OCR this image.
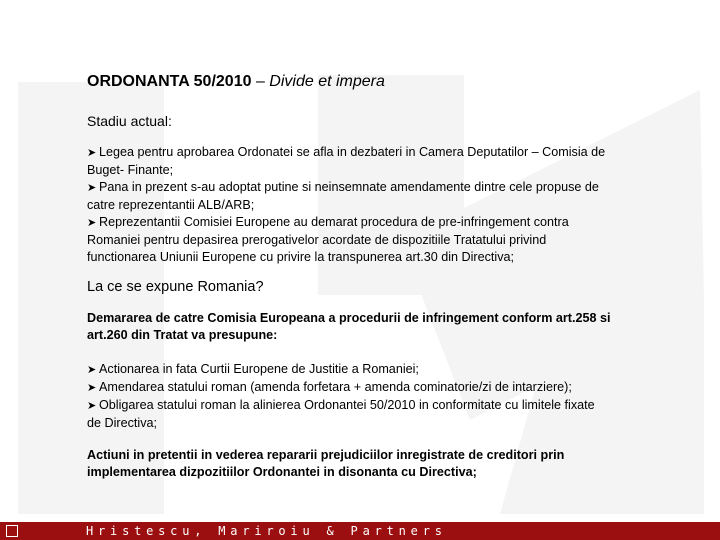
ORDONANTA 50/2010 – Divide et impera
Stadiu actual:
➤ Legea pentru aprobarea Ordonatei se afla in dezbateri in Camera Deputatilor – Comisia de Buget- Finante;
➤ Pana in prezent s-au adoptat putine si neinsemnate amendamente dintre cele propuse de catre reprezentantii ALB/ARB;
➤ Reprezentantii Comisiei Europene au demarat procedura de pre-infringement contra Romaniei pentru depasirea prerogativelor acordate de dispozitiile Tratatului privind functionarea Uniunii Europene cu privire la transpunerea art.30 din Directiva;
La ce se expune Romania?
Demararea de catre Comisia Europeana a procedurii de infringement conform art.258 si art.260 din Tratat va presupune:
➤ Actionarea in fata Curtii Europene de Justitie a Romaniei;
➤ Amendarea statului roman (amenda forfetara + amenda cominatorie/zi de intarziere);
➤ Obligarea statului roman la alinierea Ordonantei 50/2010 in conformitate cu limitele fixate de Directiva;
Actiuni in pretentii in vederea repararii prejudiciilor inregistrate de creditori prin implementarea dizpozitiilor Ordonantei in disonanta cu Directiva;
Hristescu, Mariroiu & Partners
